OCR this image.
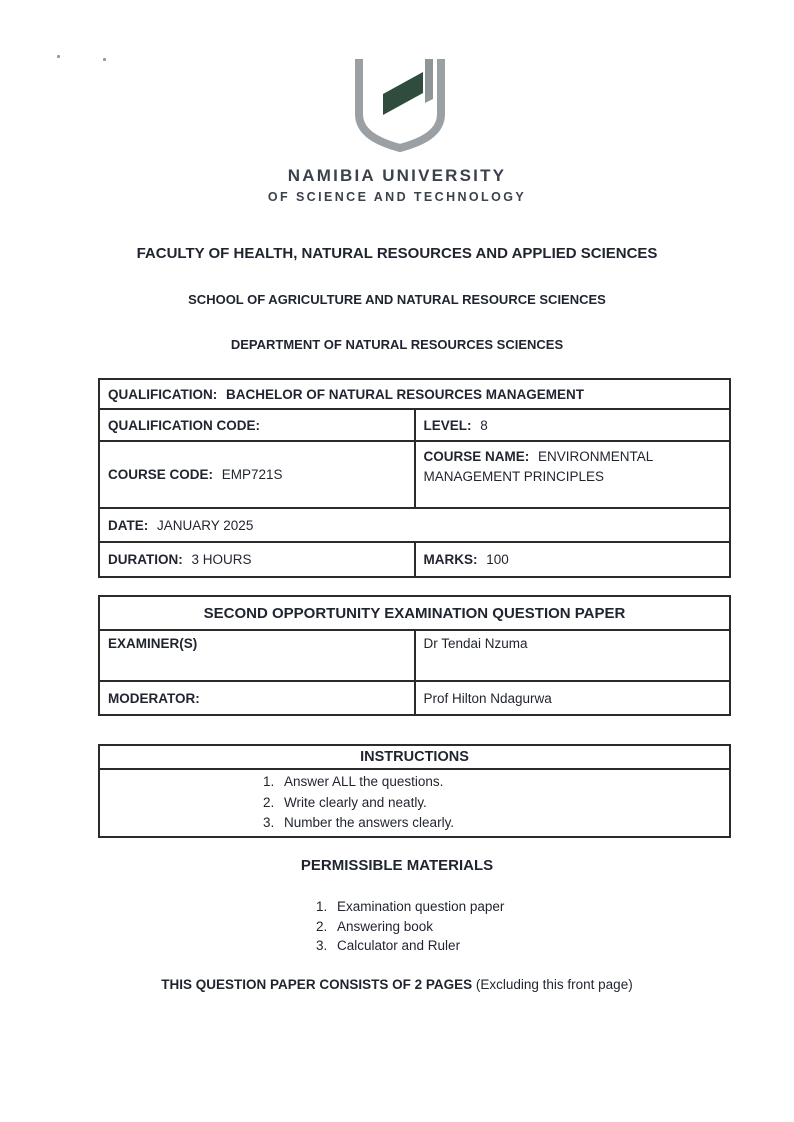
NAMIBIA UNIVERSITY
OF SCIENCE AND TECHNOLOGY
FACULTY OF HEALTH, NATURAL RESOURCES AND APPLIED SCIENCES
SCHOOL OF AGRICULTURE AND NATURAL RESOURCE SCIENCES
DEPARTMENT OF NATURAL RESOURCES SCIENCES
QUALIFICATION: BACHELOR OF NATURAL RESOURCES MANAGEMENT	
QUALIFICATION CODE:	LEVEL: 8
COURSE CODE: EMP721S	COURSE NAME: ENVIRONMENTAL MANAGEMENT PRINCIPLES
DATE: JANUARY 2025	
DURATION: 3 HOURS	MARKS: 100
SECOND OPPORTUNITY EXAMINATION QUESTION PAPER	
EXAMINER(S)	Dr Tendai Nzuma
MODERATOR:	Prof Hilton Ndagurwa
INSTRUCTIONS

1. Answer ALL the questions.
2. Write clearly and neatly.
3. Number the answers clearly.
PERMISSIBLE MATERIALS
1. Examination question paper
2. Answering book
3. Calculator and Ruler
THIS QUESTION PAPER CONSISTS OF 2 PAGES (Excluding this front page)
